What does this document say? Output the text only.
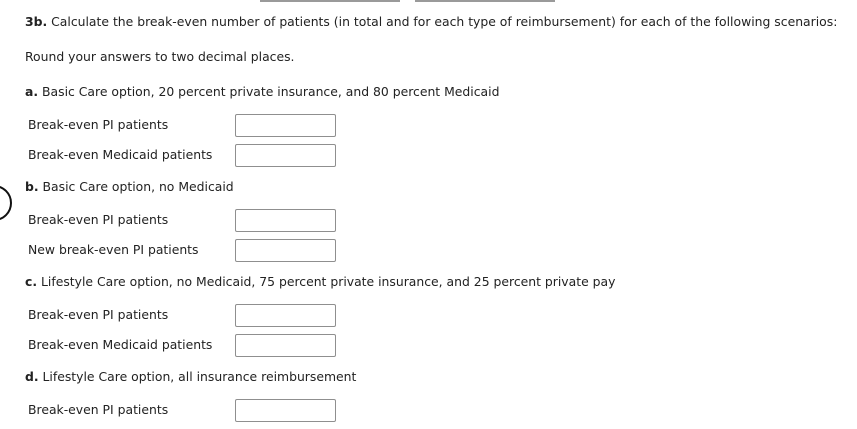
3b. Calculate the break-even number of patients (in total and for each type of reimbursement) for each of the following scenarios:
Round your answers to two decimal places.
a. Basic Care option, 20 percent private insurance, and 80 percent Medicaid
Break-even PI patients
Break-even Medicaid patients
b. Basic Care option, no Medicaid
Break-even PI patients
New break-even PI patients
c. Lifestyle Care option, no Medicaid, 75 percent private insurance, and 25 percent private pay
Break-even PI patients
Break-even Medicaid patients
d. Lifestyle Care option, all insurance reimbursement
Break-even PI patients
